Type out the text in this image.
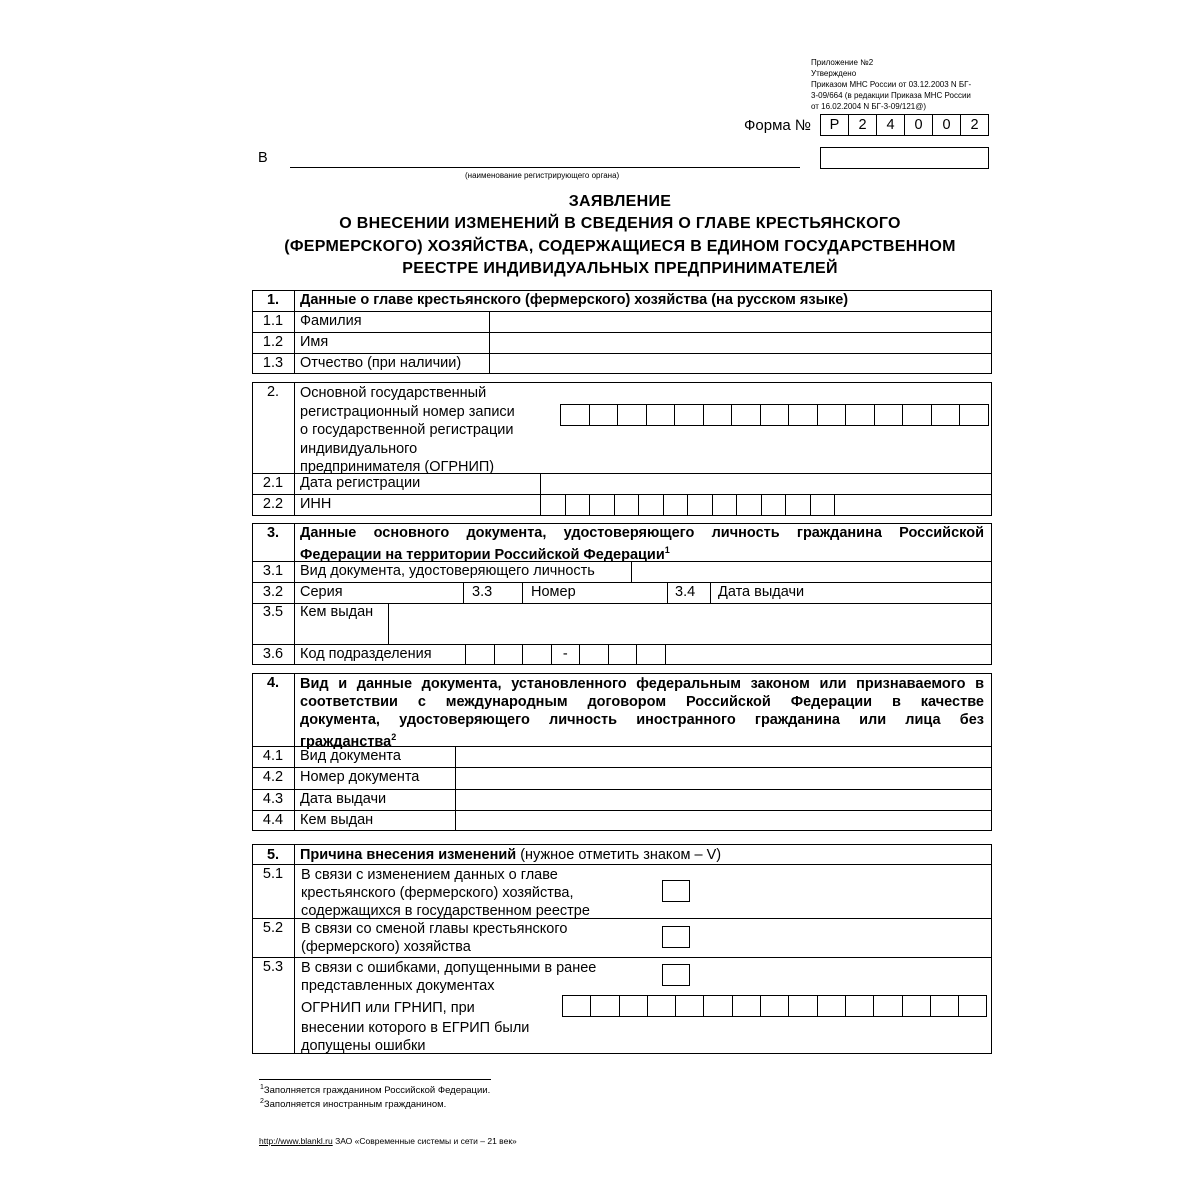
Приложение №2
Утверждено
Приказом МНС России от 03.12.2003 N БГ-
3-09/664 (в редакции Приказа МНС России
от 16.02.2004 N БГ-3-09/121@)
Форма №	Р	2	4	0	0	2
В
(наименование регистрирующего органа)
ЗАЯВЛЕНИЕ
О ВНЕСЕНИИ ИЗМЕНЕНИЙ В СВЕДЕНИЯ О ГЛАВЕ КРЕСТЬЯНСКОГО
(ФЕРМЕРСКОГО) ХОЗЯЙСТВА, СОДЕРЖАЩИЕСЯ В ЕДИНОМ ГОСУДАРСТВЕННОМ
РЕЕСТРЕ ИНДИВИДУАЛЬНЫХ ПРЕДПРИНИМАТЕЛЕЙ
1.	Данные о главе крестьянского (фермерского) хозяйства (на русском языке)
1.1	Фамилия
1.2	Имя
1.3	Отчество (при наличии)
2.	Основной государственный
регистрационный номер записи
о государственной регистрации
индивидуального
предпринимателя (ОГРНИП)
2.1	Дата регистрации
2.2	ИНН
3.	Данные основного документа, удостоверяющего личность гражданина Российской
Федерации на территории Российской Федерации$^1$
3.1	Вид документа, удостоверяющего личность
3.2	Серия	3.3	Номер	3.4 Дата выдачи
3.5	Кем выдан
3.6	Код подразделения	-
4.	Вид и данные документа, установленного федеральным законом или признаваемого в
соответствии с международным договором Российской Федерации в качестве
документа, удостоверяющего личность иностранного гражданина или лица без
гражданства$^2$
4.1	Вид документа
4.2	Номер документа
4.3	Дата выдачи
4.4	Кем выдан
5.	Причина внесения изменений (нужное отметить знаком – V)
5.1	В связи с изменением данных о главе
крестьянского (фермерского) хозяйства,
содержащихся в государственном реестре
5.2	В связи со сменой главы крестьянского
(фермерского) хозяйства
5.3	В связи с ошибками, допущенными в ранее
представленных документах
ОГРНИП или ГРНИП, при
внесении которого в ЕГРИП были
допущены ошибки
$^1$Заполняется гражданином Российской Федерации.
$^2$Заполняется иностранным гражданином.
http://www.blankl.ru ЗАО «Современные системы и сети – 21 век»
